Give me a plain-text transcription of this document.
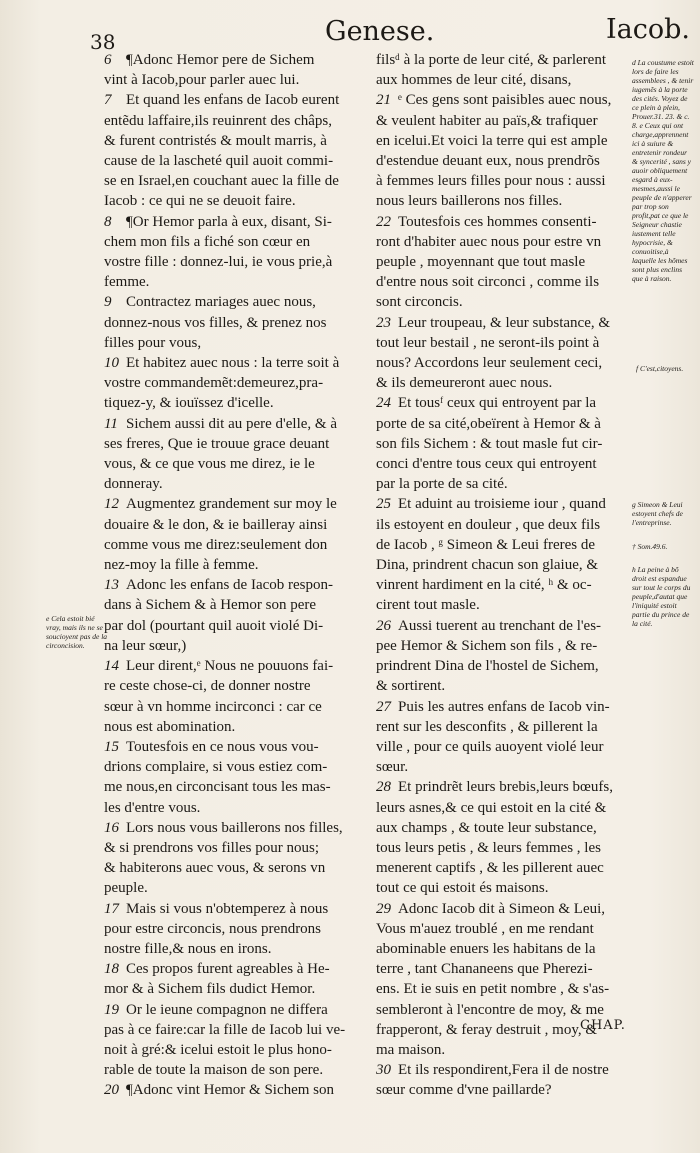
38	Genese.	Iacob.
6 ¶Adonc Hemor pere de Sichem
vint à Iacob,pour parler auec lui.
7 Et quand les enfans de Iacob eurent
entẽdu laffaire,ils reuinrent des châps,
& furent contristés & moult marris, à
cause de la lascheté quil auoit commi-
se en Israel,en couchant auec la fille de
Iacob : ce qui ne se deuoit faire.
8 ¶Or Hemor parla à eux, disant, Si-
chem mon fils a fiché son cœur en
vostre fille : donnez-lui, ie vous prie,à
femme.
9 Contractez mariages auec nous,
donnez-nous vos filles, & prenez nos
filles pour vous,
10 Et habitez auec nous : la terre soit à
vostre commandemẽt:demeurez,pra-
tiquez-y, & iouïssez d'icelle.
11 Sichem aussi dit au pere d'elle, & à
ses freres, Que ie trouue grace deuant
vous, & ce que vous me direz, ie le
donneray.
12 Augmentez grandement sur moy le
douaire & le don, & ie bailleray ainsi
comme vous me direz:seulement don
nez-moy la fille à femme.
13 Adonc les enfans de Iacob respon-
dans à Sichem & à Hemor son pere
par dol (pourtant quil auoit violé Di-
na leur sœur,)
14 Leur dirent,ᵉ Nous ne pouuons fai-
re ceste chose-ci, de donner nostre
sœur à vn homme incirconci : car ce
nous est abomination.
15 Toutesfois en ce nous vous vou-
drions complaire, si vous estiez com-
me nous,en circoncisant tous les mas-
les d'entre vous.
16 Lors nous vous baillerons nos filles,
& si prendrons vos filles pour nous;
& habiterons auec vous, & serons vn
peuple.
17 Mais si vous n'obtemperez à nous
pour estre circoncis, nous prendrons
nostre fille,& nous en irons.
18 Ces propos furent agreables à He-
mor & à Sichem fils dudict Hemor.
19 Or le ieune compagnon ne differa
pas à ce faire:car la fille de Iacob lui ve-
noit à gré:& icelui estoit le plus hono-
rable de toute la maison de son pere.
20 ¶Adonc vint Hemor & Sichem son
filsᵈ à la porte de leur cité, & parlerent
aux hommes de leur cité, disans,
21 ᵉ Ces gens sont paisibles auec nous,
& veulent habiter au païs,& trafiquer
en icelui.Et voici la terre qui est ample
d'estendue deuant eux, nous prendrõs
à femmes leurs filles pour nous : aussi
nous leurs baillerons nos filles.
22 Toutesfois ces hommes consenti-
ront d'habiter auec nous pour estre vn
peuple , moyennant que tout masle
d'entre nous soit circonci , comme ils
sont circoncis.
23 Leur troupeau, & leur substance, &
tout leur bestail , ne seront-ils point à
nous? Accordons leur seulement ceci,
& ils demeureront auec nous.
24 Et tousᶠ ceux qui entroyent par la
porte de sa cité,obeïrent à Hemor & à
son fils Sichem : & tout masle fut cir-
conci d'entre tous ceux qui entroyent
par la porte de sa cité.
25 Et aduint au troisieme iour , quand
ils estoyent en douleur , que deux fils
de Iacob , ᵍ Simeon & Leui freres de
Dina, prindrent chacun son glaiue, &
vinrent hardiment en la cité, ʰ & oc-
cirent tout masle.
26 Aussi tuerent au trenchant de l'es-
pee Hemor & Sichem son fils , & re-
prindrent Dina de l'hostel de Sichem,
& sortirent.
27 Puis les autres enfans de Iacob vin-
rent sur les desconfits , & pillerent la
ville , pour ce quils auoyent violé leur
sœur.
28 Et prindrẽt leurs brebis,leurs bœufs,
leurs asnes,& ce qui estoit en la cité &
aux champs , & toute leur substance,
tous leurs petis , & leurs femmes , les
menerent captifs , & les pillerent auec
tout ce qui estoit és maisons.
29 Adonc Iacob dit à Simeon & Leui,
Vous m'auez troublé , en me rendant
abominable enuers les habitans de la
terre , tant Chananeens que Pherezi-
ens. Et ie suis en petit nombre , & s'as-
sembleront à l'encontre de moy, & me
frapperont, & feray destruit , moy, &
ma maison.
30 Et ils respondirent,Fera il de nostre
sœur comme d'vne paillarde?
d La coustume estoit lors de faire les assemblees , & tenir iugemẽs à la porte des cités. Voyez de ce plein à plein, Prouer.31. 23. & c. 8. e Ceux qui ont charge,apprennent ici à suiure & entretenir rondeur & syncerité , sans y auoir obliquement esgard à eux-mesmes,aussi le peuple de n'apperer par trop son profit,pat ce que le Seigneur chastie iustement telle hypocrisie, & conuoitise,à laquelle les hõmes sont plus enclins que à raison.
f C'est,citoyens.
g Simeon & Leui estoyent chefs de l'entreprinse.
† Som.49.6.
h La peine à bõ droit est espandue sur tout le corps du peuple,d'autat que l'iniquité estoit partie du prince de la cité.
e Cela estoit bié vray, mais ils ne se soucioyent pas de la circoncision.
CHAP.
